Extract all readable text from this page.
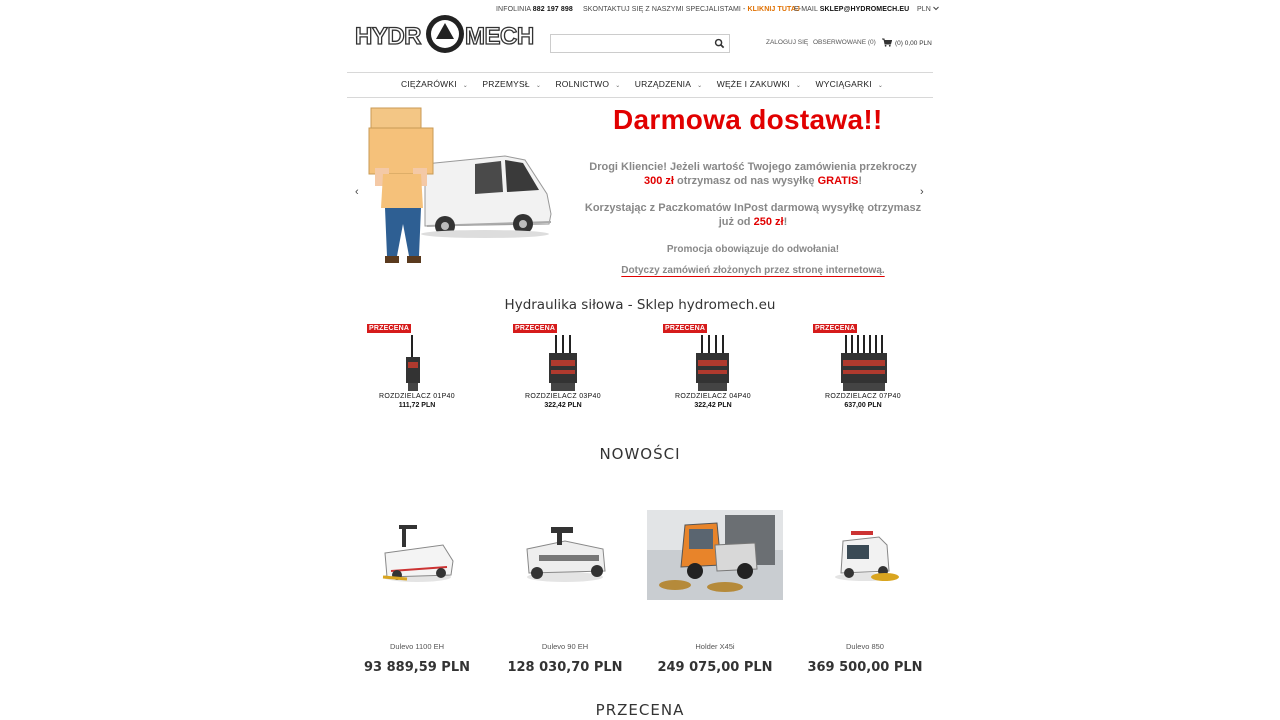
INFOLINIA 882 197 898 SKONTAKTUJ SIĘ Z NASZYMI SPECJALISTAMI - KLIKNIJ TUTAJ
E-MAIL SKLEP@HYDROMECH.EU PLN
HYDR MECH	ZALOGUJ SIĘ OBSERWOWANE (0)	(0) 0,00 PLN
CIĘŻARÓWKI ⌄ PRZEMYSŁ ⌄ ROLNICTWO ⌄ URZĄDZENIA ⌄ WĘŻE I ZAKUWKI ⌄ WYCIĄGARKI ⌄
‹	›
Darmowa dostawa!!
Drogi Kliencie! Jeżeli wartość Twojego zamówienia przekroczy 300 zł otrzymasz od nas wysyłkę GRATIS!
Korzystając z Paczkomatów InPost darmową wysyłkę otrzymasz już od 250 zł!
Promocja obowiązuje do odwołania!
Dotyczy zamówień złożonych przez stronę internetową.
Hydraulika siłowa - Sklep hydromech.eu
PRZECENA
ROZDZIELACZ 01P40
111,72 PLN
PRZECENA
ROZDZIELACZ 03P40
322,42 PLN
PRZECENA
ROZDZIELACZ 04P40
322,42 PLN
PRZECENA
ROZDZIELACZ 07P40
637,00 PLN
NOWOŚCI
Dulevo 1100 EH
93 889,59 PLN
Dulevo 90 EH
128 030,70 PLN
Holder X45i
249 075,00 PLN
Dulevo 850
369 500,00 PLN
PRZECENA
